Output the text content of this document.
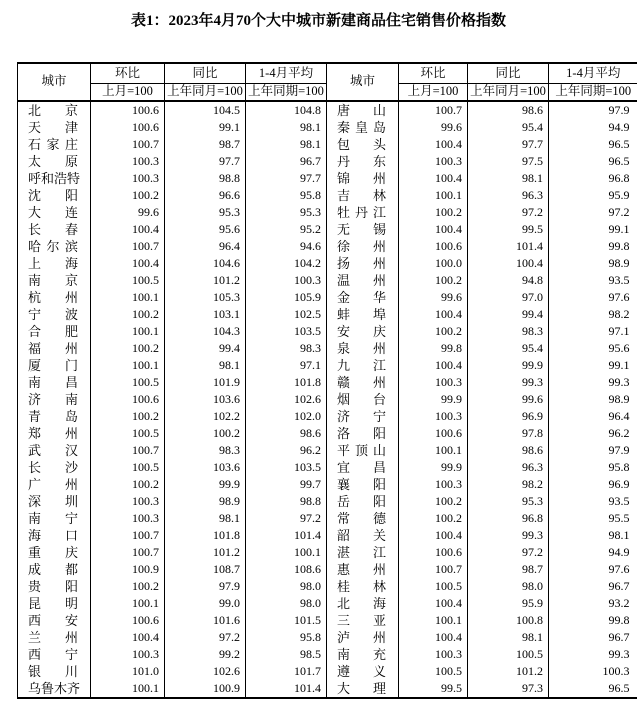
表1：2023年4月70个大中城市新建商品住宅销售价格指数
城市	环比	同比	1-4月平均	城市	环比	同比	1-4月平均
	上月=100	上年同月=100	上年同期=100		上月=100	上年同月=100	上年同期=100

北 京	100.6	104.5	104.8	唐 山	100.7	98.6	97.9

天 津	100.6	99.1	98.1	秦 皇 岛	99.6	95.4	94.9

石 家 庄	100.7	98.7	98.1	包 头	100.4	97.7	96.5

太 原	100.3	97.7	96.7	丹 东	100.3	97.5	96.5

呼 和 浩 特	100.3	98.8	97.7	锦 州	100.4	98.1	96.8

沈 阳	100.2	96.6	95.8	吉 林	100.1	96.3	95.9

大 连	99.6	95.3	95.3	牡 丹 江	100.2	97.2	97.2

长 春	100.4	95.6	95.2	无 锡	100.4	99.5	99.1

哈 尔 滨	100.7	96.4	94.6	徐 州	100.6	101.4	99.8

上 海	100.4	104.6	104.2	扬 州	100.0	100.4	98.9

南 京	100.5	101.2	100.3	温 州	100.2	94.8	93.5

杭 州	100.1	105.3	105.9	金 华	99.6	97.0	97.6

宁 波	100.2	103.1	102.5	蚌 埠	100.4	99.4	98.2

合 肥	100.1	104.3	103.5	安 庆	100.2	98.3	97.1

福 州	100.2	99.4	98.3	泉 州	99.8	95.4	95.6

厦 门	100.1	98.1	97.1	九 江	100.4	99.9	99.1

南 昌	100.5	101.9	101.8	赣 州	100.3	99.3	99.3

济 南	100.6	103.6	102.6	烟 台	99.9	99.6	98.9

青 岛	100.2	102.2	102.0	济 宁	100.3	96.9	96.4

郑 州	100.5	100.2	98.6	洛 阳	100.6	97.8	96.2

武 汉	100.7	98.3	96.2	平 顶 山	100.1	98.6	97.9

长 沙	100.5	103.6	103.5	宜 昌	99.9	96.3	95.8

广 州	100.2	99.9	99.7	襄 阳	100.3	98.2	96.9

深 圳	100.3	98.9	98.8	岳 阳	100.2	95.3	93.5

南 宁	100.3	98.1	97.2	常 德	100.2	96.8	95.5

海 口	100.7	101.8	101.4	韶 关	100.4	99.3	98.1

重 庆	100.7	101.2	100.1	湛 江	100.6	97.2	94.9

成 都	100.9	108.7	108.6	惠 州	100.7	98.7	97.6

贵 阳	100.2	97.9	98.0	桂 林	100.5	98.0	96.7

昆 明	100.1	99.0	98.0	北 海	100.4	95.9	93.2

西 安	100.6	101.6	101.5	三 亚	100.1	100.8	99.8

兰 州	100.4	97.2	95.8	泸 州	100.4	98.1	96.7

西 宁	100.3	99.2	98.5	南 充	100.3	100.5	99.3

银 川	101.0	102.6	101.7	遵 义	100.5	101.2	100.3

乌 鲁 木 齐	100.1	100.9	101.4	大 理	99.5	97.3	96.5
